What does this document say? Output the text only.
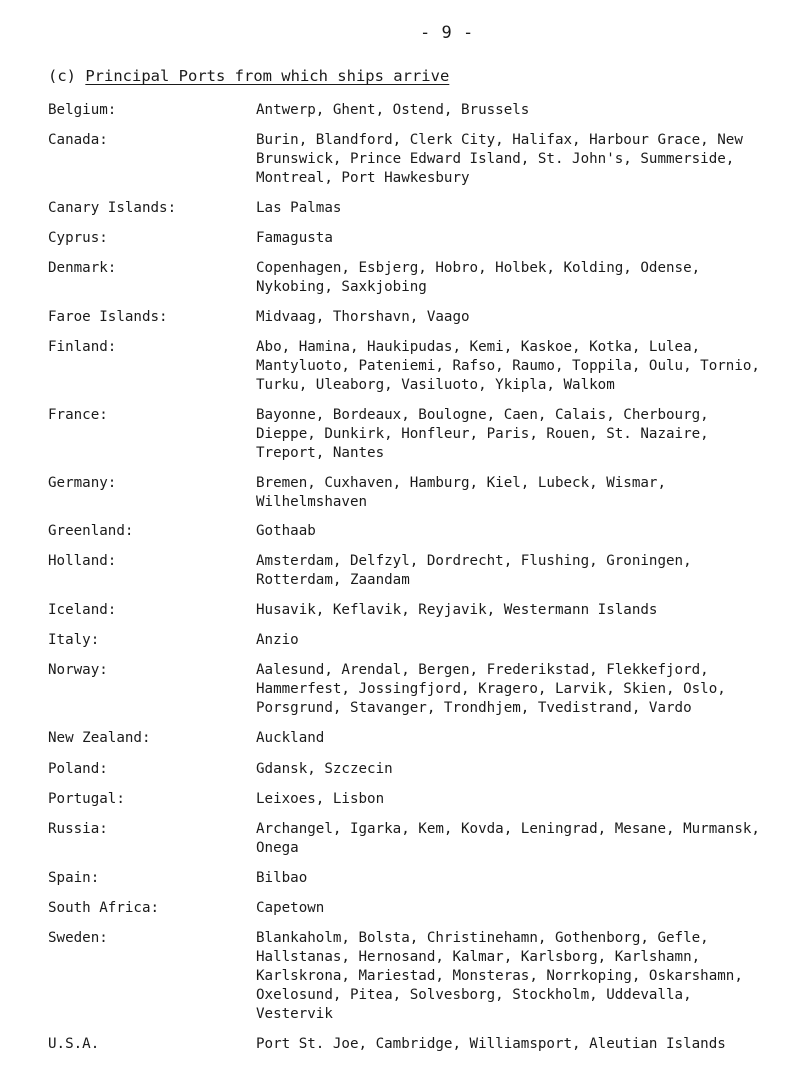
- 9 -
(c) Principal Ports from which ships arrive
Belgium:	Antwerp, Ghent, Ostend, Brussels
Canada:	Burin, Blandford, Clerk City, Halifax, Harbour Grace, New Brunswick, Prince Edward Island, St. John's, Summerside, Montreal, Port Hawkesbury
Canary Islands:	Las Palmas
Cyprus:	Famagusta
Denmark:	Copenhagen, Esbjerg, Hobro, Holbek, Kolding, Odense, Nykobing, Saxkjobing
Faroe Islands:	Midvaag, Thorshavn, Vaago
Finland:	Abo, Hamina, Haukipudas, Kemi, Kaskoe, Kotka, Lulea, Mantyluoto, Pateniemi, Rafso, Raumo, Toppila, Oulu, Tornio, Turku, Uleaborg, Vasiluoto, Ykipla, Walkom
France:	Bayonne, Bordeaux, Boulogne, Caen, Calais, Cherbourg, Dieppe, Dunkirk, Honfleur, Paris, Rouen, St. Nazaire, Treport, Nantes
Germany:	Bremen, Cuxhaven, Hamburg, Kiel, Lubeck, Wismar, Wilhelmshaven
Greenland:	Gothaab
Holland:	Amsterdam, Delfzyl, Dordrecht, Flushing, Groningen, Rotterdam, Zaandam
Iceland:	Husavik, Keflavik, Reyjavik, Westermann Islands
Italy:	Anzio
Norway:	Aalesund, Arendal, Bergen, Frederikstad, Flekkefjord, Hammerfest, Jossingfjord, Kragero, Larvik, Skien, Oslo, Porsgrund, Stavanger, Trondhjem, Tvedistrand, Vardo
New Zealand:	Auckland
Poland:	Gdansk, Szczecin
Portugal:	Leixoes, Lisbon
Russia:	Archangel, Igarka, Kem, Kovda, Leningrad, Mesane, Murmansk, Onega
Spain:	Bilbao
South Africa:	Capetown
Sweden:	Blankaholm, Bolsta, Christinehamn, Gothenborg, Gefle, Hallstanas, Hernosand, Kalmar, Karlsborg, Karlshamn, Karlskrona, Mariestad, Monsteras, Norrkoping, Oskarshamn, Oxelosund, Pitea, Solvesborg, Stockholm, Uddevalla, Vestervik
U.S.A.	Port St. Joe, Cambridge, Williamsport, Aleutian Islands
